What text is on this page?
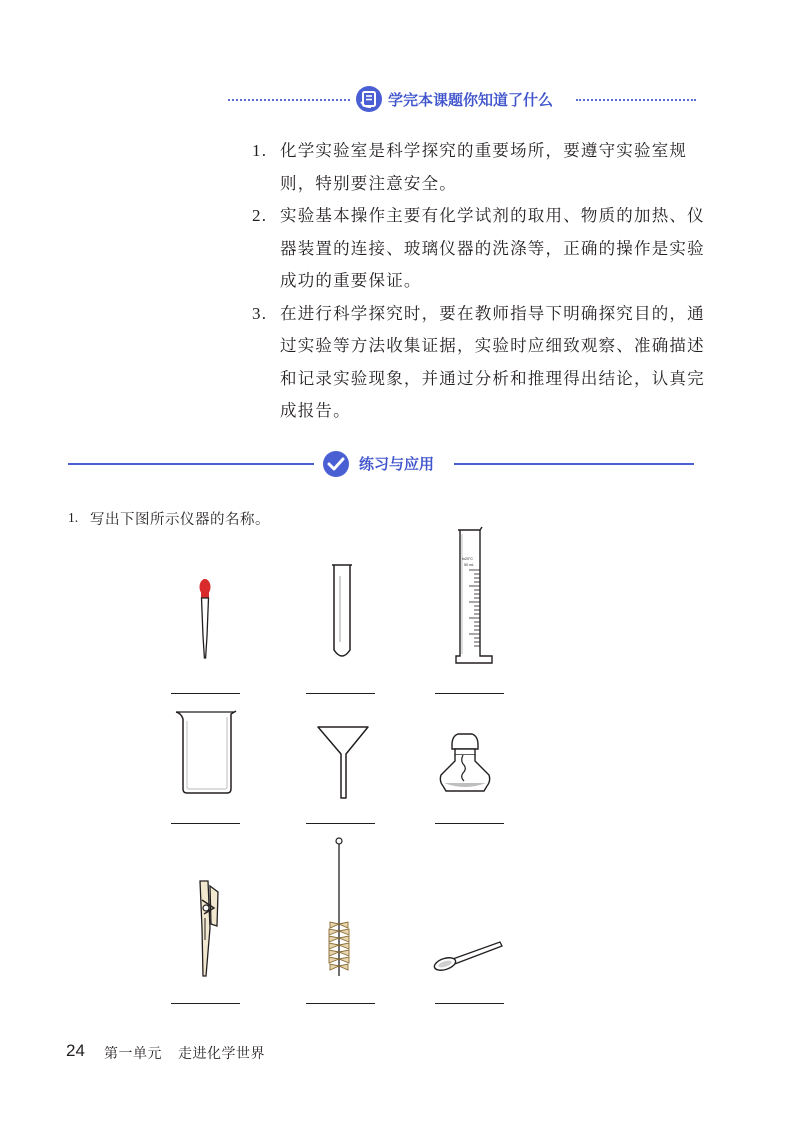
学完本课题你知道了什么
1. 化学实验室是科学探究的重要场所，要遵守实验室规则，特别要注意安全。
2. 实验基本操作主要有化学试剂的取用、物质的加热、仪器装置的连接、玻璃仪器的洗涤等，正确的操作是实验成功的重要保证。
3. 在进行科学探究时，要在教师指导下明确探究目的，通过实验等方法收集证据，实验时应细致观察、准确描述和记录实验现象，并通过分析和推理得出结论，认真完成报告。
练习与应用
1. 写出下图所示仪器的名称。
In20°C
50 mL
24 第一单元 走进化学世界
